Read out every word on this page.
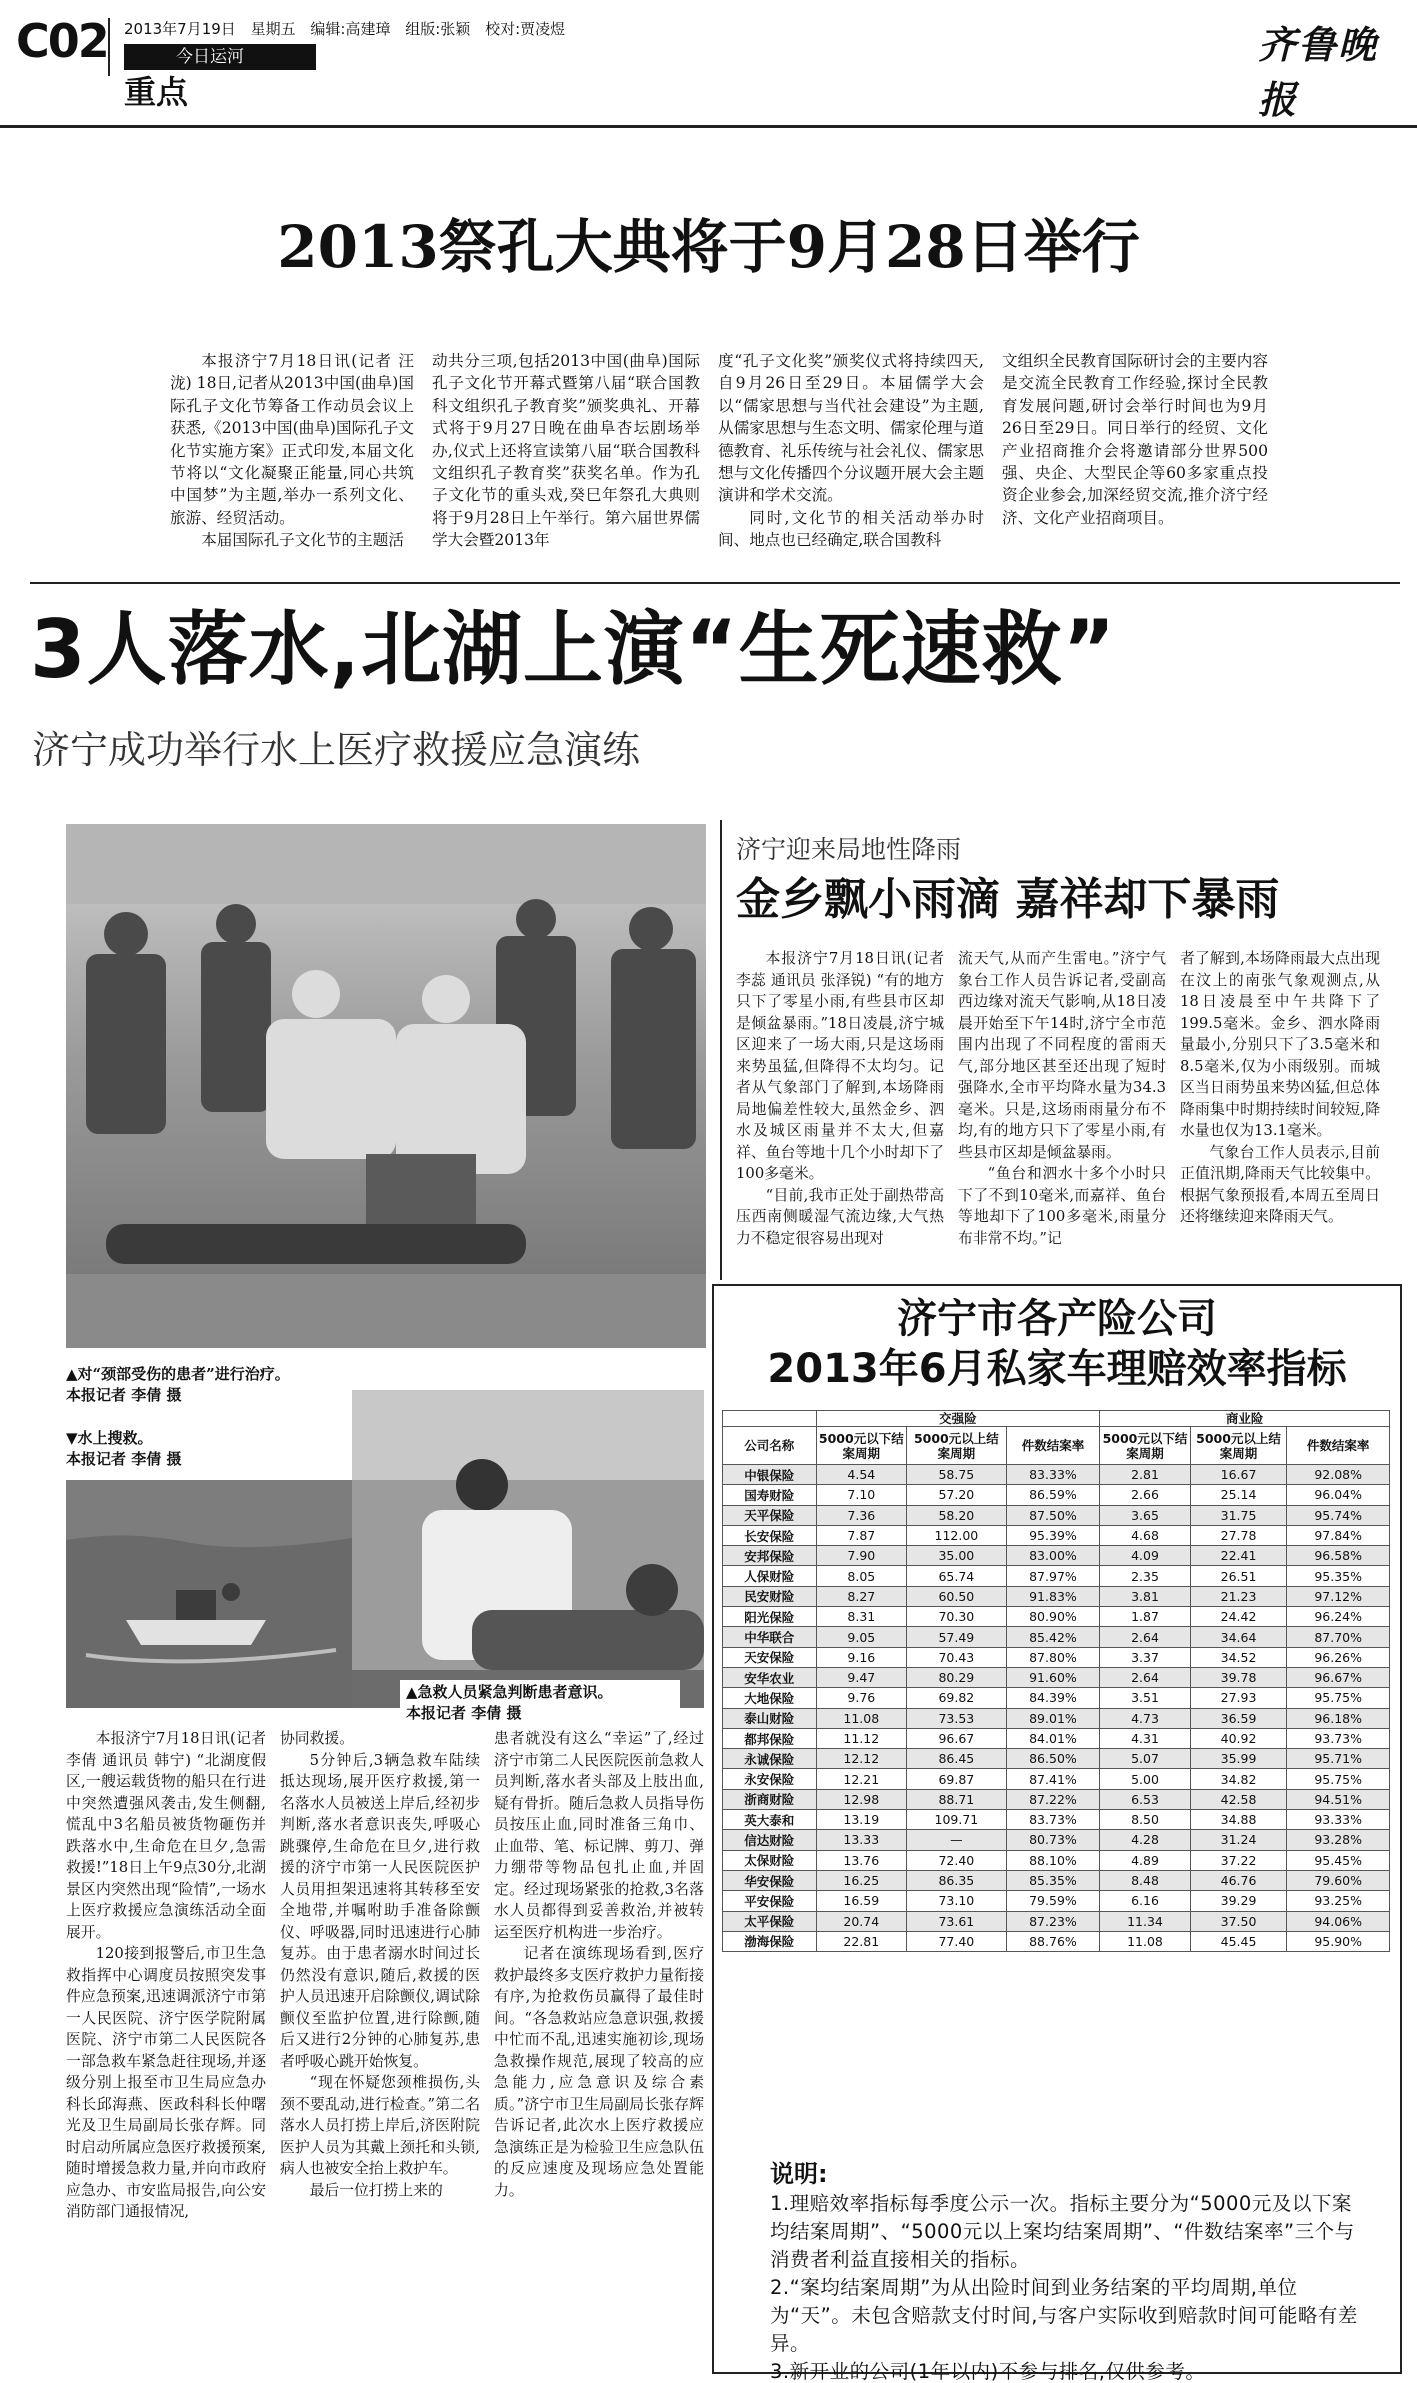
C02 2013年7月19日 星期五 编辑:高建璋 组版:张颖 校对:贾凌煜
今日运河
重点
齐鲁晚报
2013祭孔大典将于9月28日举行

本报济宁7月18日讯(记者 汪泷) 18日,记者从2013中国(曲阜)国际孔子文化节筹备工作动员会议上获悉,《2013中国(曲阜)国际孔子文化节实施方案》正式印发,本届文化节将以“文化凝聚正能量,同心共筑中国梦”为主题,举办一系列文化、旅游、经贸活动。

本届国际孔子文化节的主题活

动共分三项,包括2013中国(曲阜)国际孔子文化节开幕式暨第八届“联合国教科文组织孔子教育奖”颁奖典礼、开幕式将于9月27日晚在曲阜杏坛剧场举办,仪式上还将宣读第八届“联合国教科文组织孔子教育奖”获奖名单。作为孔子文化节的重头戏,癸巳年祭孔大典则将于9月28日上午举行。第六届世界儒学大会暨2013年

度“孔子文化奖”颁奖仪式将持续四天,自9月26日至29日。本届儒学大会以“儒家思想与当代社会建设”为主题,从儒家思想与生态文明、儒家伦理与道德教育、礼乐传统与社会礼仪、儒家思想与文化传播四个分议题开展大会主题演讲和学术交流。

同时,文化节的相关活动举办时间、地点也已经确定,联合国教科

文组织全民教育国际研讨会的主要内容是交流全民教育工作经验,探讨全民教育发展问题,研讨会举行时间也为9月26日至29日。同日举行的经贸、文化产业招商推介会将邀请部分世界500强、央企、大型民企等60多家重点投资企业参会,加深经贸交流,推介济宁经济、文化产业招商项目。

3人落水,北湖上演“生死速救”
济宁成功举行水上医疗救援应急演练
▲对“颈部受伤的患者”进行治疗。
本报记者 李倩 摄
▼水上搜救。
本报记者 李倩 摄
▲急救人员紧急判断患者意识。
本报记者 李倩 摄

本报济宁7月18日讯(记者 李倩 通讯员 韩宁) “北湖度假区,一艘运载货物的船只在行进中突然遭强风袭击,发生侧翻,慌乱中3名船员被货物砸伤并跌落水中,生命危在旦夕,急需救援!”18日上午9点30分,北湖景区内突然出现“险情”,一场水上医疗救援应急演练活动全面展开。

120接到报警后,市卫生急救指挥中心调度员按照突发事件应急预案,迅速调派济宁市第一人民医院、济宁医学院附属医院、济宁市第二人民医院各一部急救车紧急赶往现场,并逐级分别上报至市卫生局应急办科长邱海燕、医政科科长仲曙光及卫生局副局长张存辉。同时启动所属应急医疗救援预案,随时增援急救力量,并向市政府应急办、市安监局报告,向公安消防部门通报情况,

协同救援。

5分钟后,3辆急救车陆续抵达现场,展开医疗救援,第一名落水人员被送上岸后,经初步判断,落水者意识丧失,呼吸心跳骤停,生命危在旦夕,进行救援的济宁市第一人民医院医护人员用担架迅速将其转移至安全地带,并嘱咐助手准备除颤仪、呼吸器,同时迅速进行心肺复苏。由于患者溺水时间过长仍然没有意识,随后,救援的医护人员迅速开启除颤仪,调试除颤仪至监护位置,进行除颤,随后又进行2分钟的心肺复苏,患者呼吸心跳开始恢复。

“现在怀疑您颈椎损伤,头颈不要乱动,进行检查。”第二名落水人员打捞上岸后,济医附院医护人员为其戴上颈托和头锁,病人也被安全抬上救护车。

最后一位打捞上来的

患者就没有这么“幸运”了,经过济宁市第二人民医院医前急救人员判断,落水者头部及上肢出血,疑有骨折。随后急救人员指导伤员按压止血,同时准备三角巾、止血带、笔、标记牌、剪刀、弹力绷带等物品包扎止血,并固定。经过现场紧张的抢救,3名落水人员都得到妥善救治,并被转运至医疗机构进一步治疗。

记者在演练现场看到,医疗救护最终多支医疗救护力量衔接有序,为抢救伤员赢得了最佳时间。“各急救站应急意识强,救援中忙而不乱,迅速实施初诊,现场急救操作规范,展现了较高的应急能力,应急意识及综合素质。”济宁市卫生局副局长张存辉告诉记者,此次水上医疗救援应急演练正是为检验卫生应急队伍的反应速度及现场应急处置能力。

济宁迎来局地性降雨
金乡飘小雨滴 嘉祥却下暴雨

本报济宁7月18日讯(记者 李蕊 通讯员 张泽锐) “有的地方只下了零星小雨,有些县市区却是倾盆暴雨。”18日凌晨,济宁城区迎来了一场大雨,只是这场雨来势虽猛,但降得不太均匀。记者从气象部门了解到,本场降雨局地偏差性较大,虽然金乡、泗水及城区雨量并不太大,但嘉祥、鱼台等地十几个小时却下了100多毫米。

“目前,我市正处于副热带高压西南侧暖湿气流边缘,大气热力不稳定很容易出现对

流天气,从而产生雷电。”济宁气象台工作人员告诉记者,受副高西边缘对流天气影响,从18日凌晨开始至下午14时,济宁全市范围内出现了不同程度的雷雨天气,部分地区甚至还出现了短时强降水,全市平均降水量为34.3毫米。只是,这场雨雨量分布不均,有的地方只下了零星小雨,有些县市区却是倾盆暴雨。

“鱼台和泗水十多个小时只下了不到10毫米,而嘉祥、鱼台等地却下了100多毫米,雨量分布非常不均。”记

者了解到,本场降雨最大点出现在汶上的南张气象观测点,从18日凌晨至中午共降下了199.5毫米。金乡、泗水降雨量最小,分别只下了3.5毫米和8.5毫米,仅为小雨级别。而城区当日雨势虽来势凶猛,但总体降雨集中时期持续时间较短,降水量也仅为13.1毫米。

气象台工作人员表示,目前正值汛期,降雨天气比较集中。根据气象预报看,本周五至周日还将继续迎来降雨天气。

济宁市各产险公司
2013年6月私家车理赔效率指标
	交强险			商业险		
公司名称	5000元以下结案周期	5000元以上结案周期	件数结案率	5000元以下结案周期	5000元以上结案周期	件数结案率
中银保险	4.54	58.75	83.33%	2.81	16.67	92.08%
国寿财险	7.10	57.20	86.59%	2.66	25.14	96.04%
天平保险	7.36	58.20	87.50%	3.65	31.75	95.74%
长安保险	7.87	112.00	95.39%	4.68	27.78	97.84%
安邦保险	7.90	35.00	83.00%	4.09	22.41	96.58%
人保财险	8.05	65.74	87.97%	2.35	26.51	95.35%
民安财险	8.27	60.50	91.83%	3.81	21.23	97.12%
阳光保险	8.31	70.30	80.90%	1.87	24.42	96.24%
中华联合	9.05	57.49	85.42%	2.64	34.64	87.70%
天安保险	9.16	70.43	87.80%	3.37	34.52	96.26%
安华农业	9.47	80.29	91.60%	2.64	39.78	96.67%
大地保险	9.76	69.82	84.39%	3.51	27.93	95.75%
泰山财险	11.08	73.53	89.01%	4.73	36.59	96.18%
都邦保险	11.12	96.67	84.01%	4.31	40.92	93.73%
永诚保险	12.12	86.45	86.50%	5.07	35.99	95.71%
永安保险	12.21	69.87	87.41%	5.00	34.82	95.75%
浙商财险	12.98	88.71	87.22%	6.53	42.58	94.51%
英大泰和	13.19	109.71	83.73%	8.50	34.88	93.33%
信达财险	13.33	—	80.73%	4.28	31.24	93.28%
太保财险	13.76	72.40	88.10%	4.89	37.22	95.45%
华安保险	16.25	86.35	85.35%	8.48	46.76	79.60%
平安保险	16.59	73.10	79.59%	6.16	39.29	93.25%
太平保险	20.74	73.61	87.23%	11.34	37.50	94.06%
渤海保险	22.81	77.40	88.76%	11.08	45.45	95.90%
说明:
1.理赔效率指标每季度公示一次。指标主要分为“5000元及以下案均结案周期”、“5000元以上案均结案周期”、“件数结案率”三个与消费者利益直接相关的指标。
2.“案均结案周期”为从出险时间到业务结案的平均周期,单位为“天”。未包含赔款支付时间,与客户实际收到赔款时间可能略有差异。
3.新开业的公司(1年以内)不参与排名,仅供参考。
